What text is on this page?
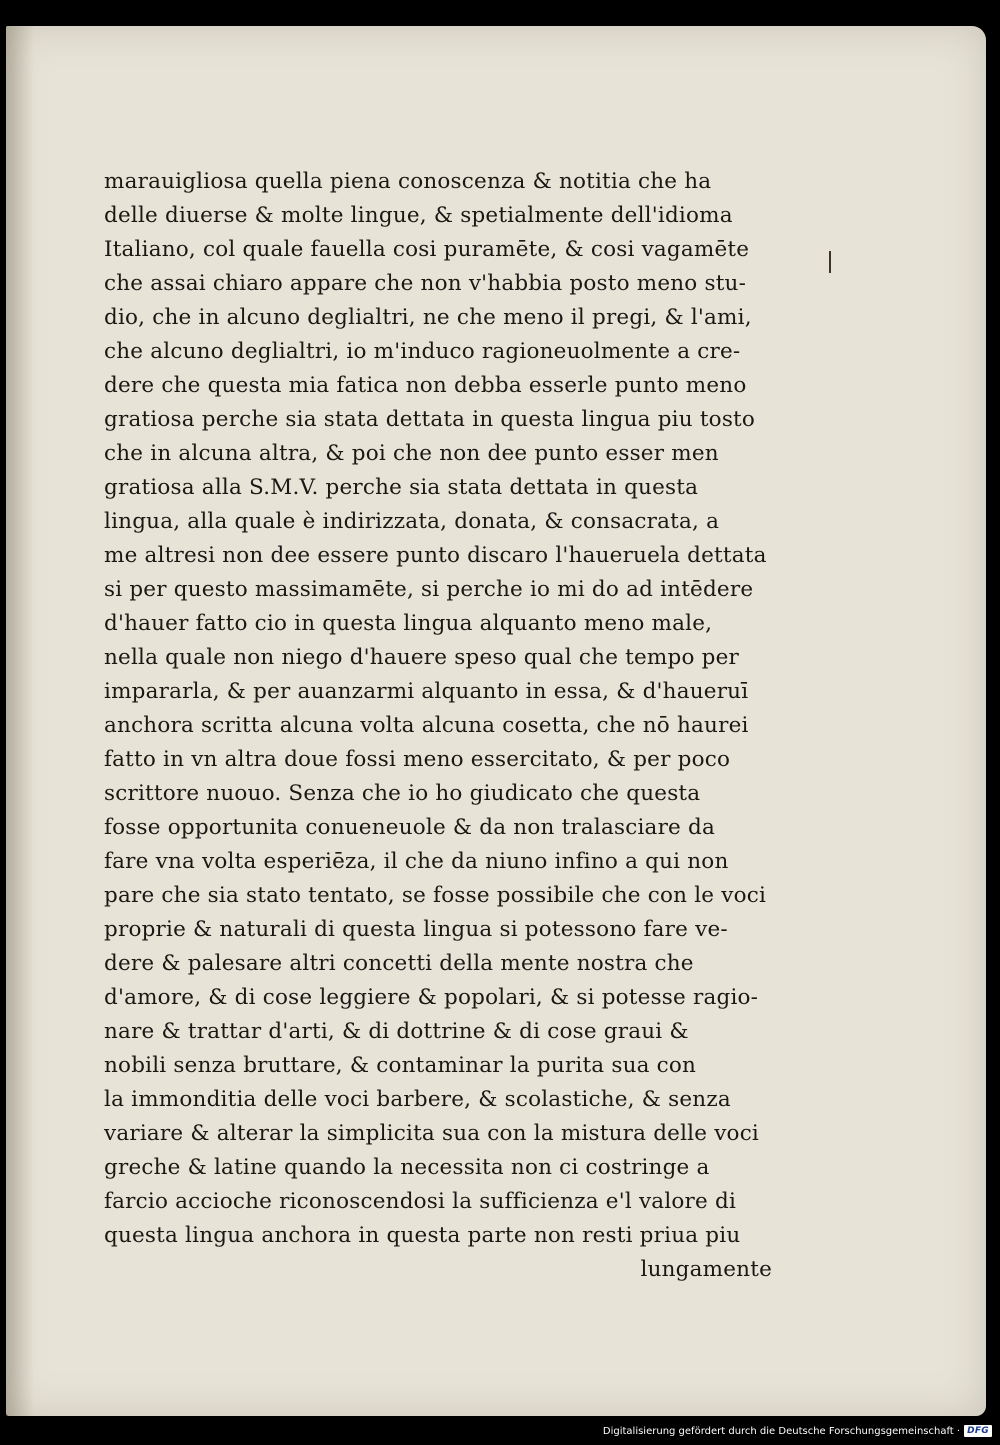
marauigliosa quella piena conoscenza & notitia che ha
delle diuerse & molte lingue, & spetialmente dell'idioma
Italiano, col quale fauella cosi puramēte, & cosi vagamēte
che assai chiaro appare che non v'habbia posto meno stu-
dio, che in alcuno deglialtri, ne che meno il pregi, & l'ami,
che alcuno deglialtri, io m'induco ragioneuolmente a cre-
dere che questa mia fatica non debba esserle punto meno
gratiosa perche sia stata dettata in questa lingua piu tosto
che in alcuna altra, & poi che non dee punto esser men
gratiosa alla S.M.V. perche sia stata dettata in questa
lingua, alla quale è indirizzata, donata, & consacrata, a
me altresi non dee essere punto discaro l'haueruela dettata
si per questo massimamēte, si perche io mi do ad intēdere
d'hauer fatto cio in questa lingua alquanto meno male,
nella quale non niego d'hauere speso qual che tempo per
impararla, & per auanzarmi alquanto in essa, & d'haueruī
anchora scritta alcuna volta alcuna cosetta, che nō haurei
fatto in vn altra doue fossi meno essercitato, & per poco
scrittore nuouo. Senza che io ho giudicato che questa
fosse opportunita conueneuole & da non tralasciare da
fare vna volta esperiēza, il che da niuno infino a qui non
pare che sia stato tentato, se fosse possibile che con le voci
proprie & naturali di questa lingua si potessono fare ve-
dere & palesare altri concetti della mente nostra che
d'amore, & di cose leggiere & popolari, & si potesse ragio-
nare & trattar d'arti, & di dottrine & di cose graui &
nobili senza bruttare, & contaminar la purita sua con
la immonditia delle voci barbere, & scolastiche, & senza
variare & alterar la simplicita sua con la mistura delle voci
greche & latine quando la necessita non ci costringe a
farcio accioche riconoscendosi la sufficienza e'l valore di
questa lingua anchora in questa parte non resti priua piu
lungamente
Digitalisierung gefördert durch die Deutsche Forschungsgemeinschaft · DFG
